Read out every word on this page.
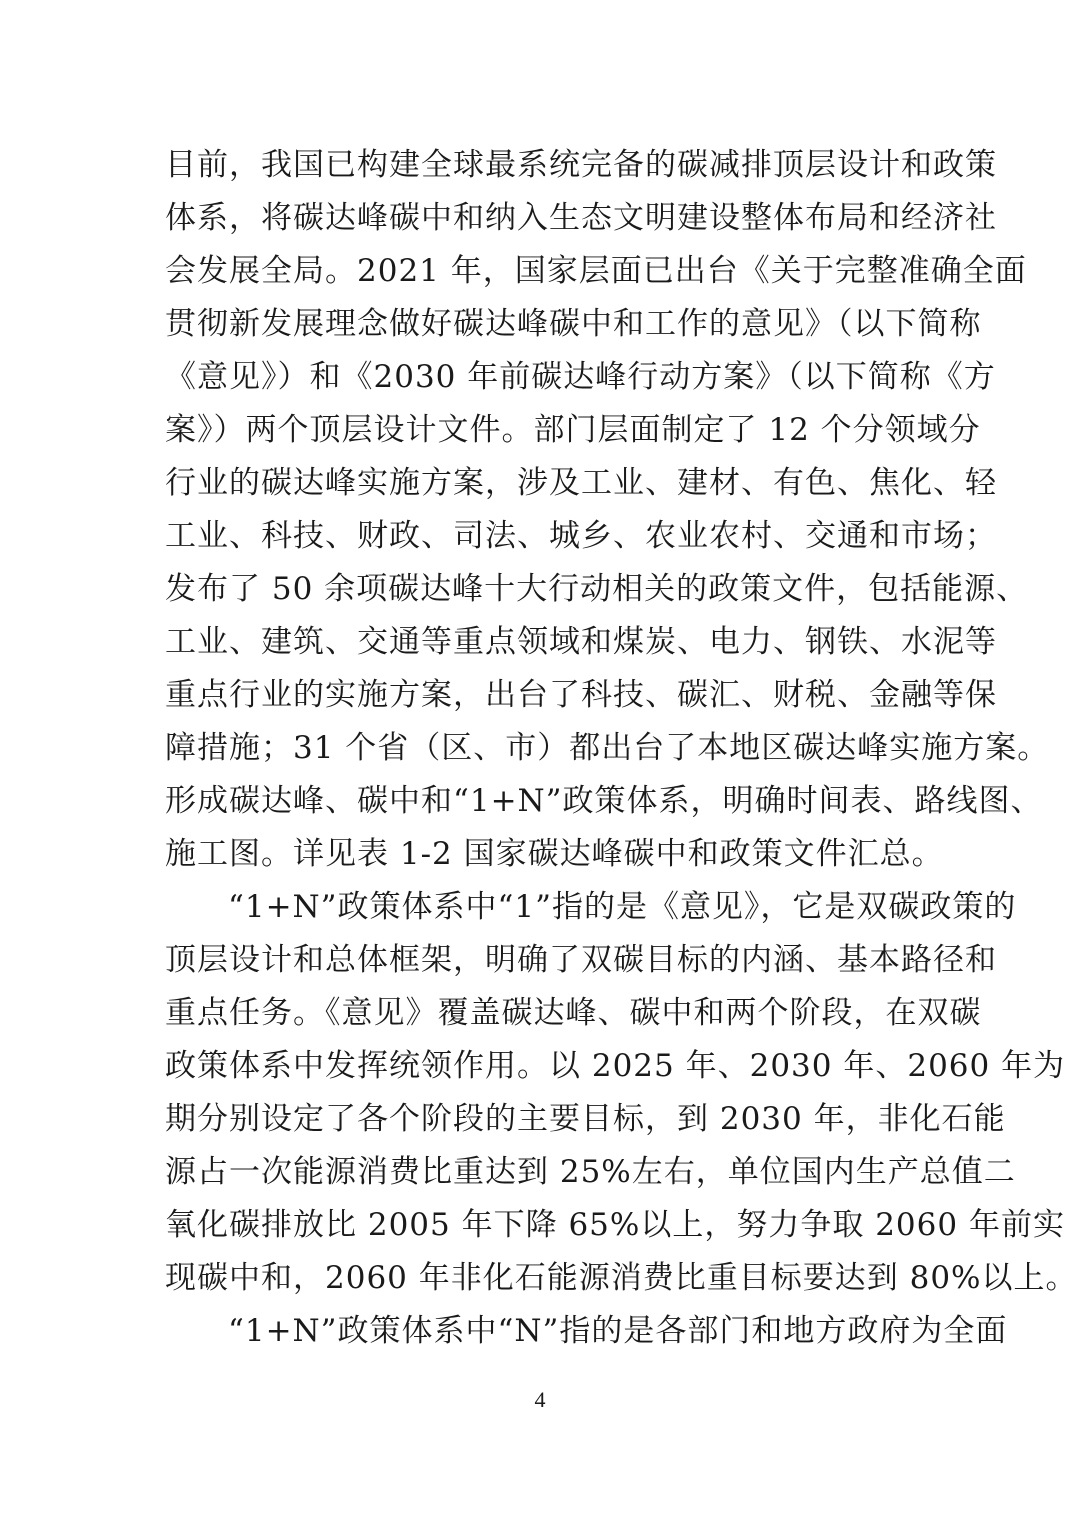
目前，我国已构建全球最系统完备的碳减排顶层设计和政策
体系，将碳达峰碳中和纳入生态文明建设整体布局和经济社
会发展全局。2021 年，国家层面已出台《关于完整准确全面
贯彻新发展理念做好碳达峰碳中和工作的意见》（以下简称
《意见》）和《2030 年前碳达峰行动方案》（以下简称《方
案》）两个顶层设计文件。部门层面制定了 12 个分领域分
行业的碳达峰实施方案，涉及工业、建材、有色、焦化、轻
工业、科技、财政、司法、城乡、农业农村、交通和市场；
发布了 50 余项碳达峰十大行动相关的政策文件，包括能源、
工业、建筑、交通等重点领域和煤炭、电力、钢铁、水泥等
重点行业的实施方案，出台了科技、碳汇、财税、金融等保
障措施；31 个省（区、市）都出台了本地区碳达峰实施方案。
形成碳达峰、碳中和“1+N”政策体系，明确时间表、路线图、
施工图。详见表 1-2 国家碳达峰碳中和政策文件汇总。
“1+N”政策体系中“1”指的是《意见》，它是双碳政策的
顶层设计和总体框架，明确了双碳目标的内涵、基本路径和
重点任务。《意见》覆盖碳达峰、碳中和两个阶段，在双碳
政策体系中发挥统领作用。以 2025 年、2030 年、2060 年为
期分别设定了各个阶段的主要目标，到 2030 年，非化石能
源占一次能源消费比重达到 25%左右，单位国内生产总值二
氧化碳排放比 2005 年下降 65%以上，努力争取 2060 年前实
现碳中和，2060 年非化石能源消费比重目标要达到 80%以上。
“1+N”政策体系中“N”指的是各部门和地方政府为全面
4
